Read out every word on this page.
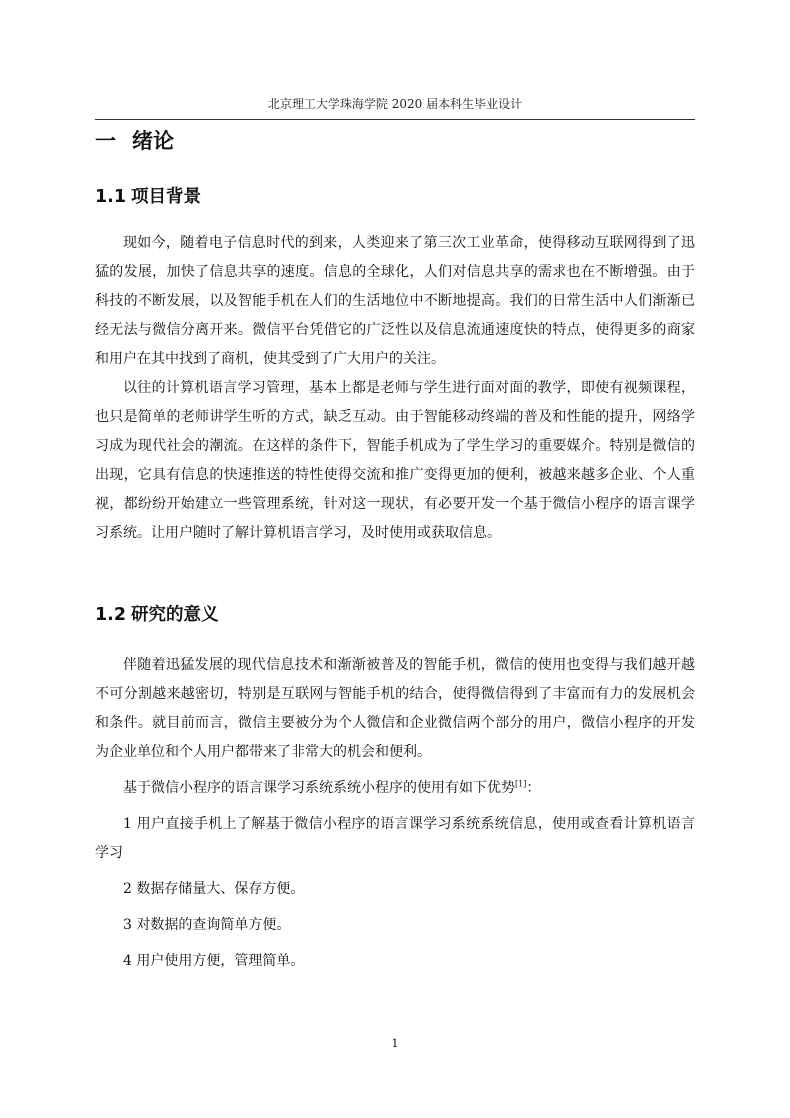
北京理工大学珠海学院 2020 届本科生毕业设计
一 绪论
1.1 项目背景

现如今，随着电子信息时代的到来，人类迎来了第三次工业革命，使得移动互联网得到了迅猛的发展，加快了信息共享的速度。信息的全球化，人们对信息共享的需求也在不断增强。由于科技的不断发展，以及智能手机在人们的生活地位中不断地提高。我们的日常生活中人们渐渐已经无法与微信分离开来。微信平台凭借它的广泛性以及信息流通速度快的特点，使得更多的商家和用户在其中找到了商机，使其受到了广大用户的关注。

以往的计算机语言学习管理，基本上都是老师与学生进行面对面的教学，即使有视频课程，也只是简单的老师讲学生听的方式，缺乏互动。由于智能移动终端的普及和性能的提升，网络学习成为现代社会的潮流。在这样的条件下，智能手机成为了学生学习的重要媒介。特别是微信的出现，它具有信息的快速推送的特性使得交流和推广变得更加的便利，被越来越多企业、个人重视，都纷纷开始建立一些管理系统，针对这一现状，有必要开发一个基于微信小程序的语言课学习系统。让用户随时了解计算机语言学习，及时使用或获取信息。

1.2 研究的意义

伴随着迅猛发展的现代信息技术和渐渐被普及的智能手机，微信的使用也变得与我们越开越不可分割越来越密切，特别是互联网与智能手机的结合，使得微信得到了丰富而有力的发展机会和条件。就目前而言，微信主要被分为个人微信和企业微信两个部分的用户，微信小程序的开发为企业单位和个人用户都带来了非常大的机会和便利。

基于微信小程序的语言课学习系统系统小程序的使用有如下优势[1]：

1 用户直接手机上了解基于微信小程序的语言课学习系统系统信息，使用或查看计算机语言学习

2 数据存储量大、保存方便。

3 对数据的查询简单方便。

4 用户使用方便，管理简单。

1
